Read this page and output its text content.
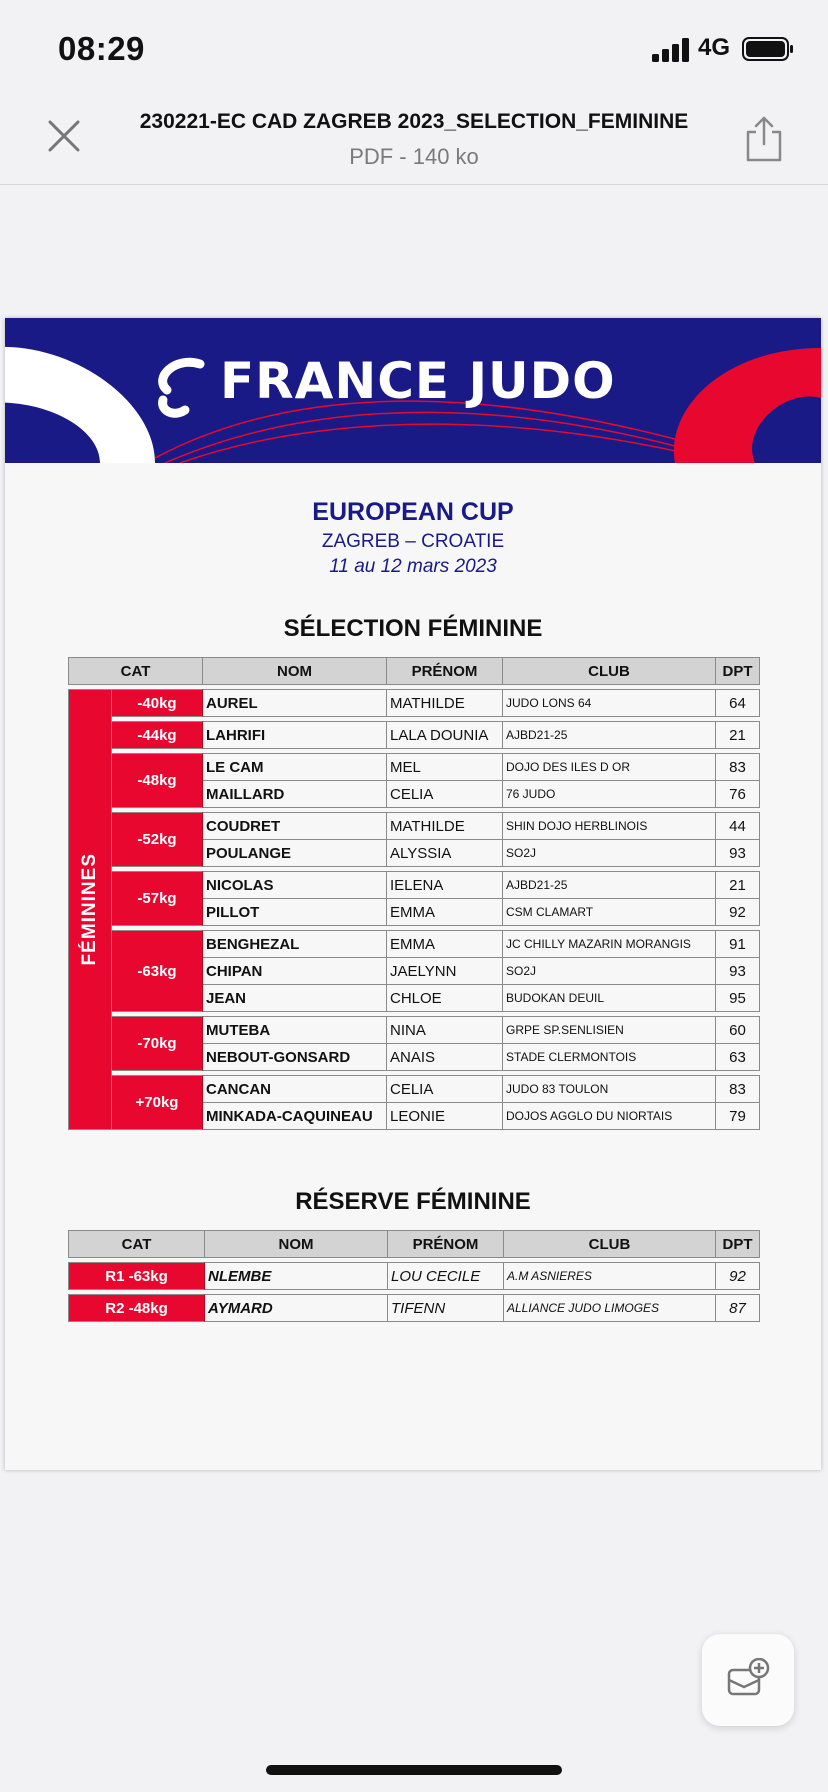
08:29	4G
230221-EC CAD ZAGREB 2023_SELECTION_FEMININE
PDF - 140 ko
FRANCE JUDO
EUROPEAN CUP
ZAGREB – CROATIE
11 au 12 mars 2023
SÉLECTION FÉMININE
CAT		NOM	PRÉNOM	CLUB	DPT

FÉMININES	-40kg	AUREL	MATHILDE	JUDO LONS 64	64

	-44kg	LAHRIFI	LALA DOUNIA	AJBD21-25	21

	-48kg	LE CAM	MEL	DOJO DES ILES D OR	83
		MAILLARD	CELIA	76 JUDO	76

	-52kg	COUDRET	MATHILDE	SHIN DOJO HERBLINOIS	44
		POULANGE	ALYSSIA	SO2J	93

	-57kg	NICOLAS	IELENA	AJBD21-25	21
		PILLOT	EMMA	CSM CLAMART	92

	-63kg	BENGHEZAL	EMMA	JC CHILLY MAZARIN MORANGIS	91
		CHIPAN	JAELYNN	SO2J	93
		JEAN	CHLOE	BUDOKAN DEUIL	95

	-70kg	MUTEBA	NINA	GRPE SP.SENLISIEN	60
		NEBOUT-GONSARD	ANAIS	STADE CLERMONTOIS	63

	+70kg	CANCAN	CELIA	JUDO 83 TOULON	83
		MINKADA-CAQUINEAU	LEONIE	DOJOS AGGLO DU NIORTAIS	79
RÉSERVE FÉMININE
CAT	NOM	PRÉNOM	CLUB	DPT

R1 -63kg	NLEMBE	LOU CECILE	A.M ASNIERES	92

R2 -48kg	AYMARD	TIFENN	ALLIANCE JUDO LIMOGES	87
